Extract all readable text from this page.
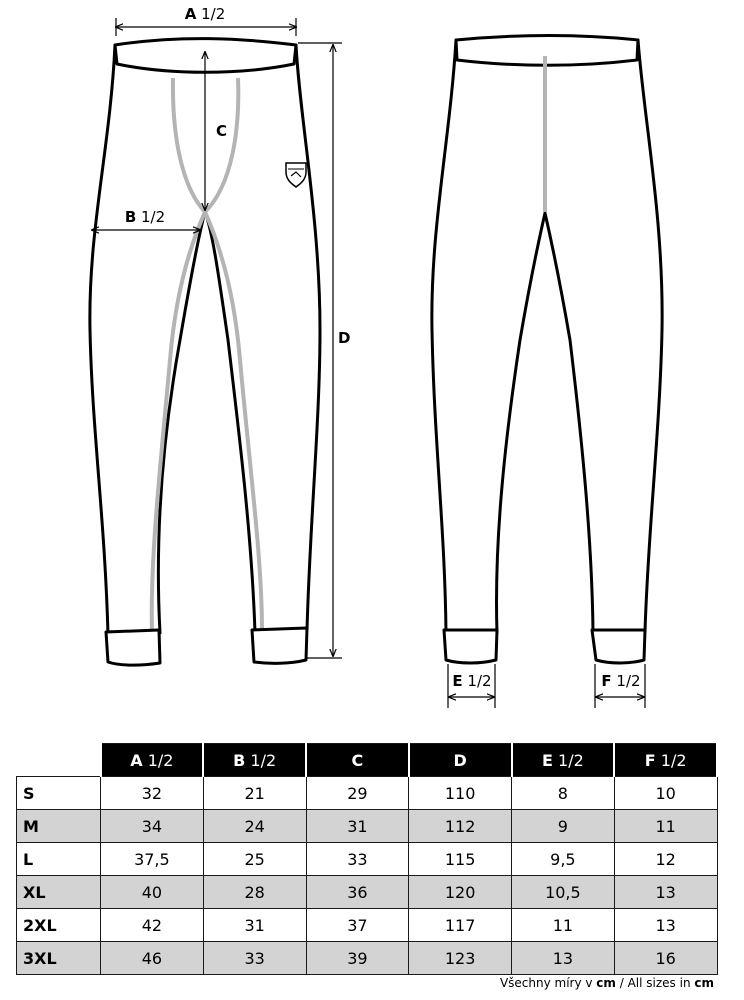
A 1/2
B 1/2
C
D
E 1/2	F 1/2
	A 1/2	B 1/2	C	D	E 1/2	F 1/2
S	32	21	29	110	8	10
M	34	24	31	112	9	11
L	37,5	25	33	115	9,5	12
XL	40	28	36	120	10,5	13
2XL	42	31	37	117	11	13
3XL	46	33	39	123	13	16
Všechny míry v cm / All sizes in cm
